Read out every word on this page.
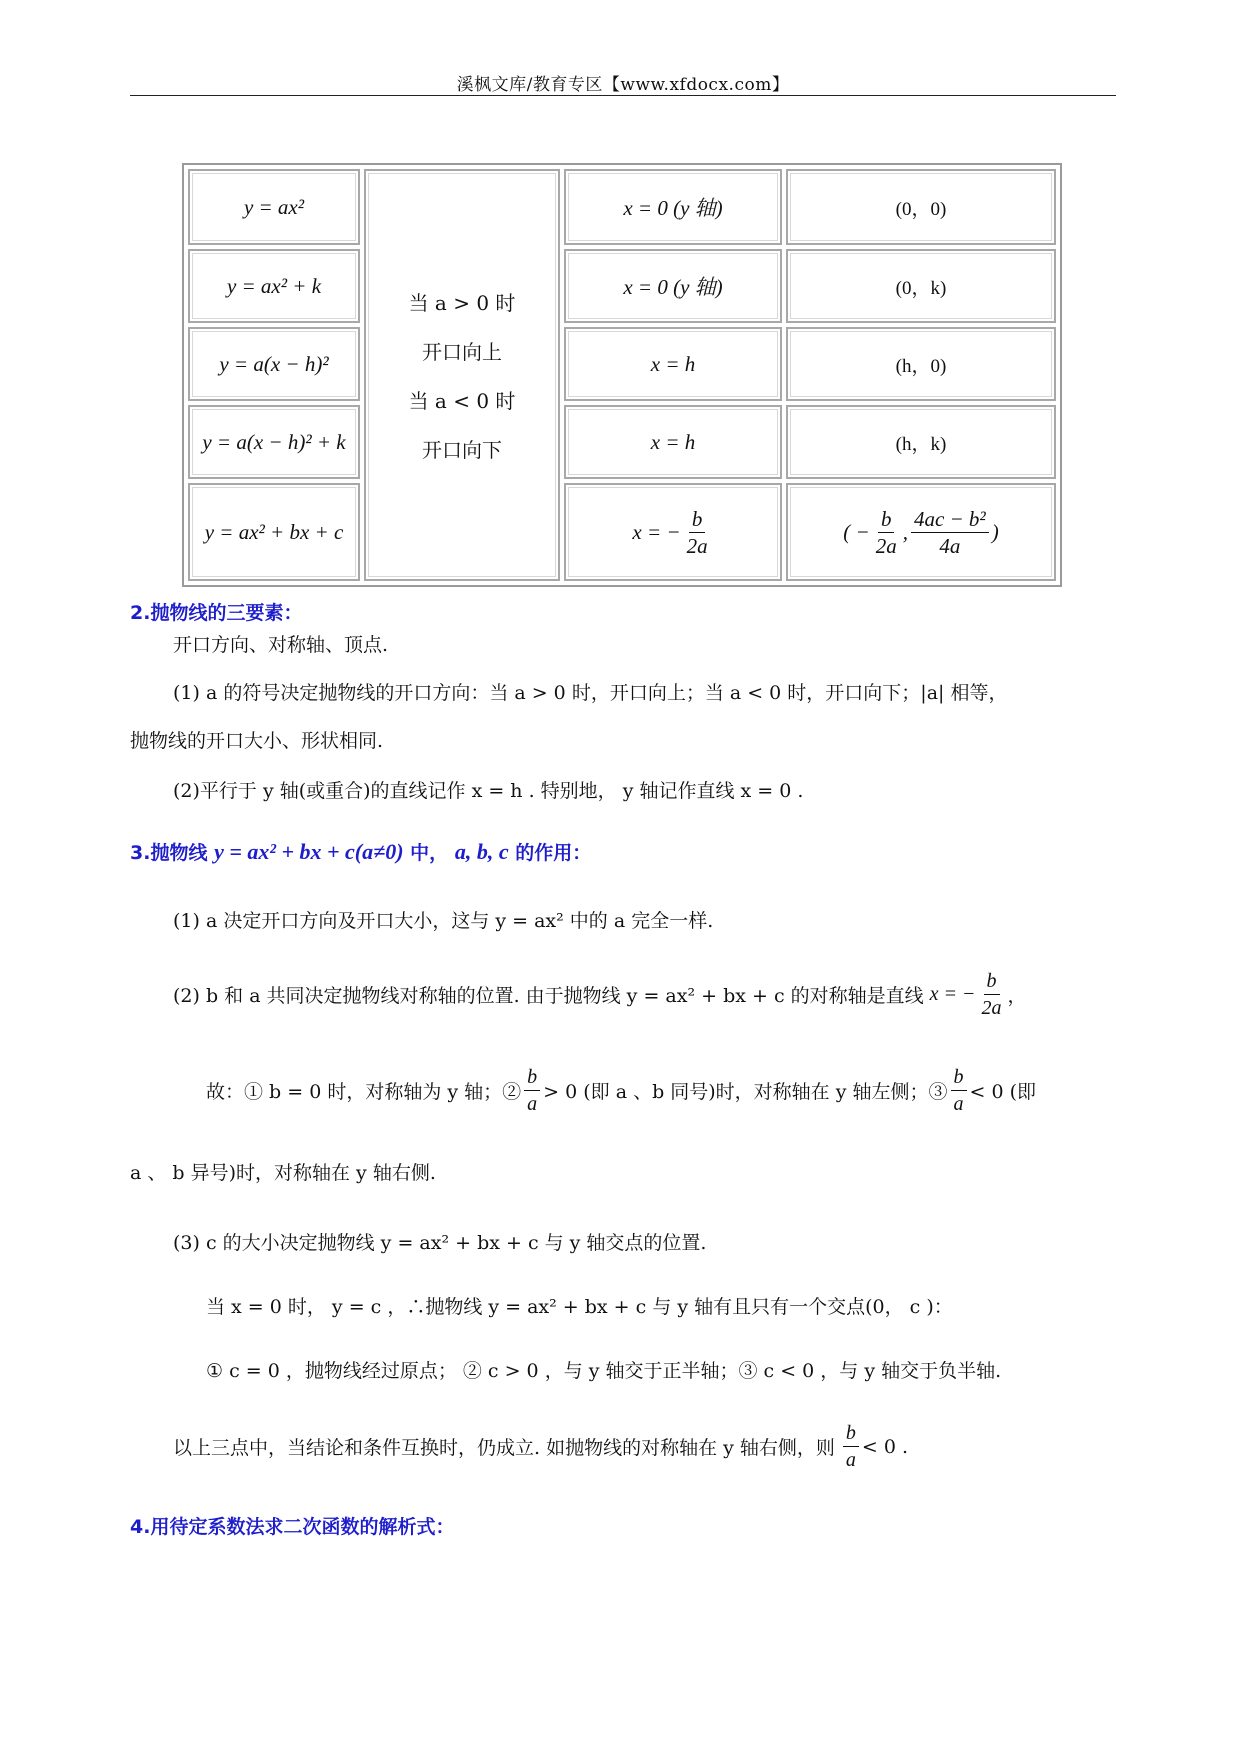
溪枫文库/教育专区【www.xfdocx.com】
y = ax²
y = ax² + k
y = a(x − h)²
y = a(x − h)² + k
y = ax² + bx + c
当 a > 0 时
开口向上
当 a < 0 时
开口向下
x = 0 (y 轴)
x = 0 (y 轴)
x = h
x = h
x = − $\frac{b}{2a}$
(0，0)
(0，k)
(h，0)
(h，k)
( − $\frac{b}{2a}$ , $\frac{\text{4ac − b²}}{4a}$ )
2.抛物线的三要素：
开口方向、对称轴、顶点.
(1) a 的符号决定抛物线的开口方向：当 a > 0 时，开口向上；当 a < 0 时，开口向下；|a| 相等，
抛物线的开口大小、形状相同.
(2)平行于 y 轴(或重合)的直线记作 x = h . 特别地， y 轴记作直线 x = 0 .
3.抛物线 y = ax² + bx + c(a≠0) 中， a, b, c 的作用：
(1) a 决定开口方向及开口大小，这与 y = ax² 中的 a 完全一样.
(2) b 和 a 共同决定抛物线对称轴的位置. 由于抛物线 y = ax² + bx + c 的对称轴是直线 x = − $\frac{b}{2a}$ ，
故：① b = 0 时，对称轴为 y 轴；② $\frac{b}{a} > 0$ (即 a 、b 同号)时，对称轴在 y 轴左侧；③ $\frac{b}{a} < 0$ (即
a 、 b 异号)时，对称轴在 y 轴右侧.
(3) c 的大小决定抛物线 y = ax² + bx + c 与 y 轴交点的位置.
当 x = 0 时， y = c ，∴抛物线 y = ax² + bx + c 与 y 轴有且只有一个交点(0， c )：
① c = 0 ，抛物线经过原点； ② c > 0 ，与 y 轴交于正半轴；③ c < 0 ，与 y 轴交于负半轴.
以上三点中，当结论和条件互换时，仍成立. 如抛物线的对称轴在 y 轴右侧，则 $\frac{b}{a} < 0$ .
4.用待定系数法求二次函数的解析式：
